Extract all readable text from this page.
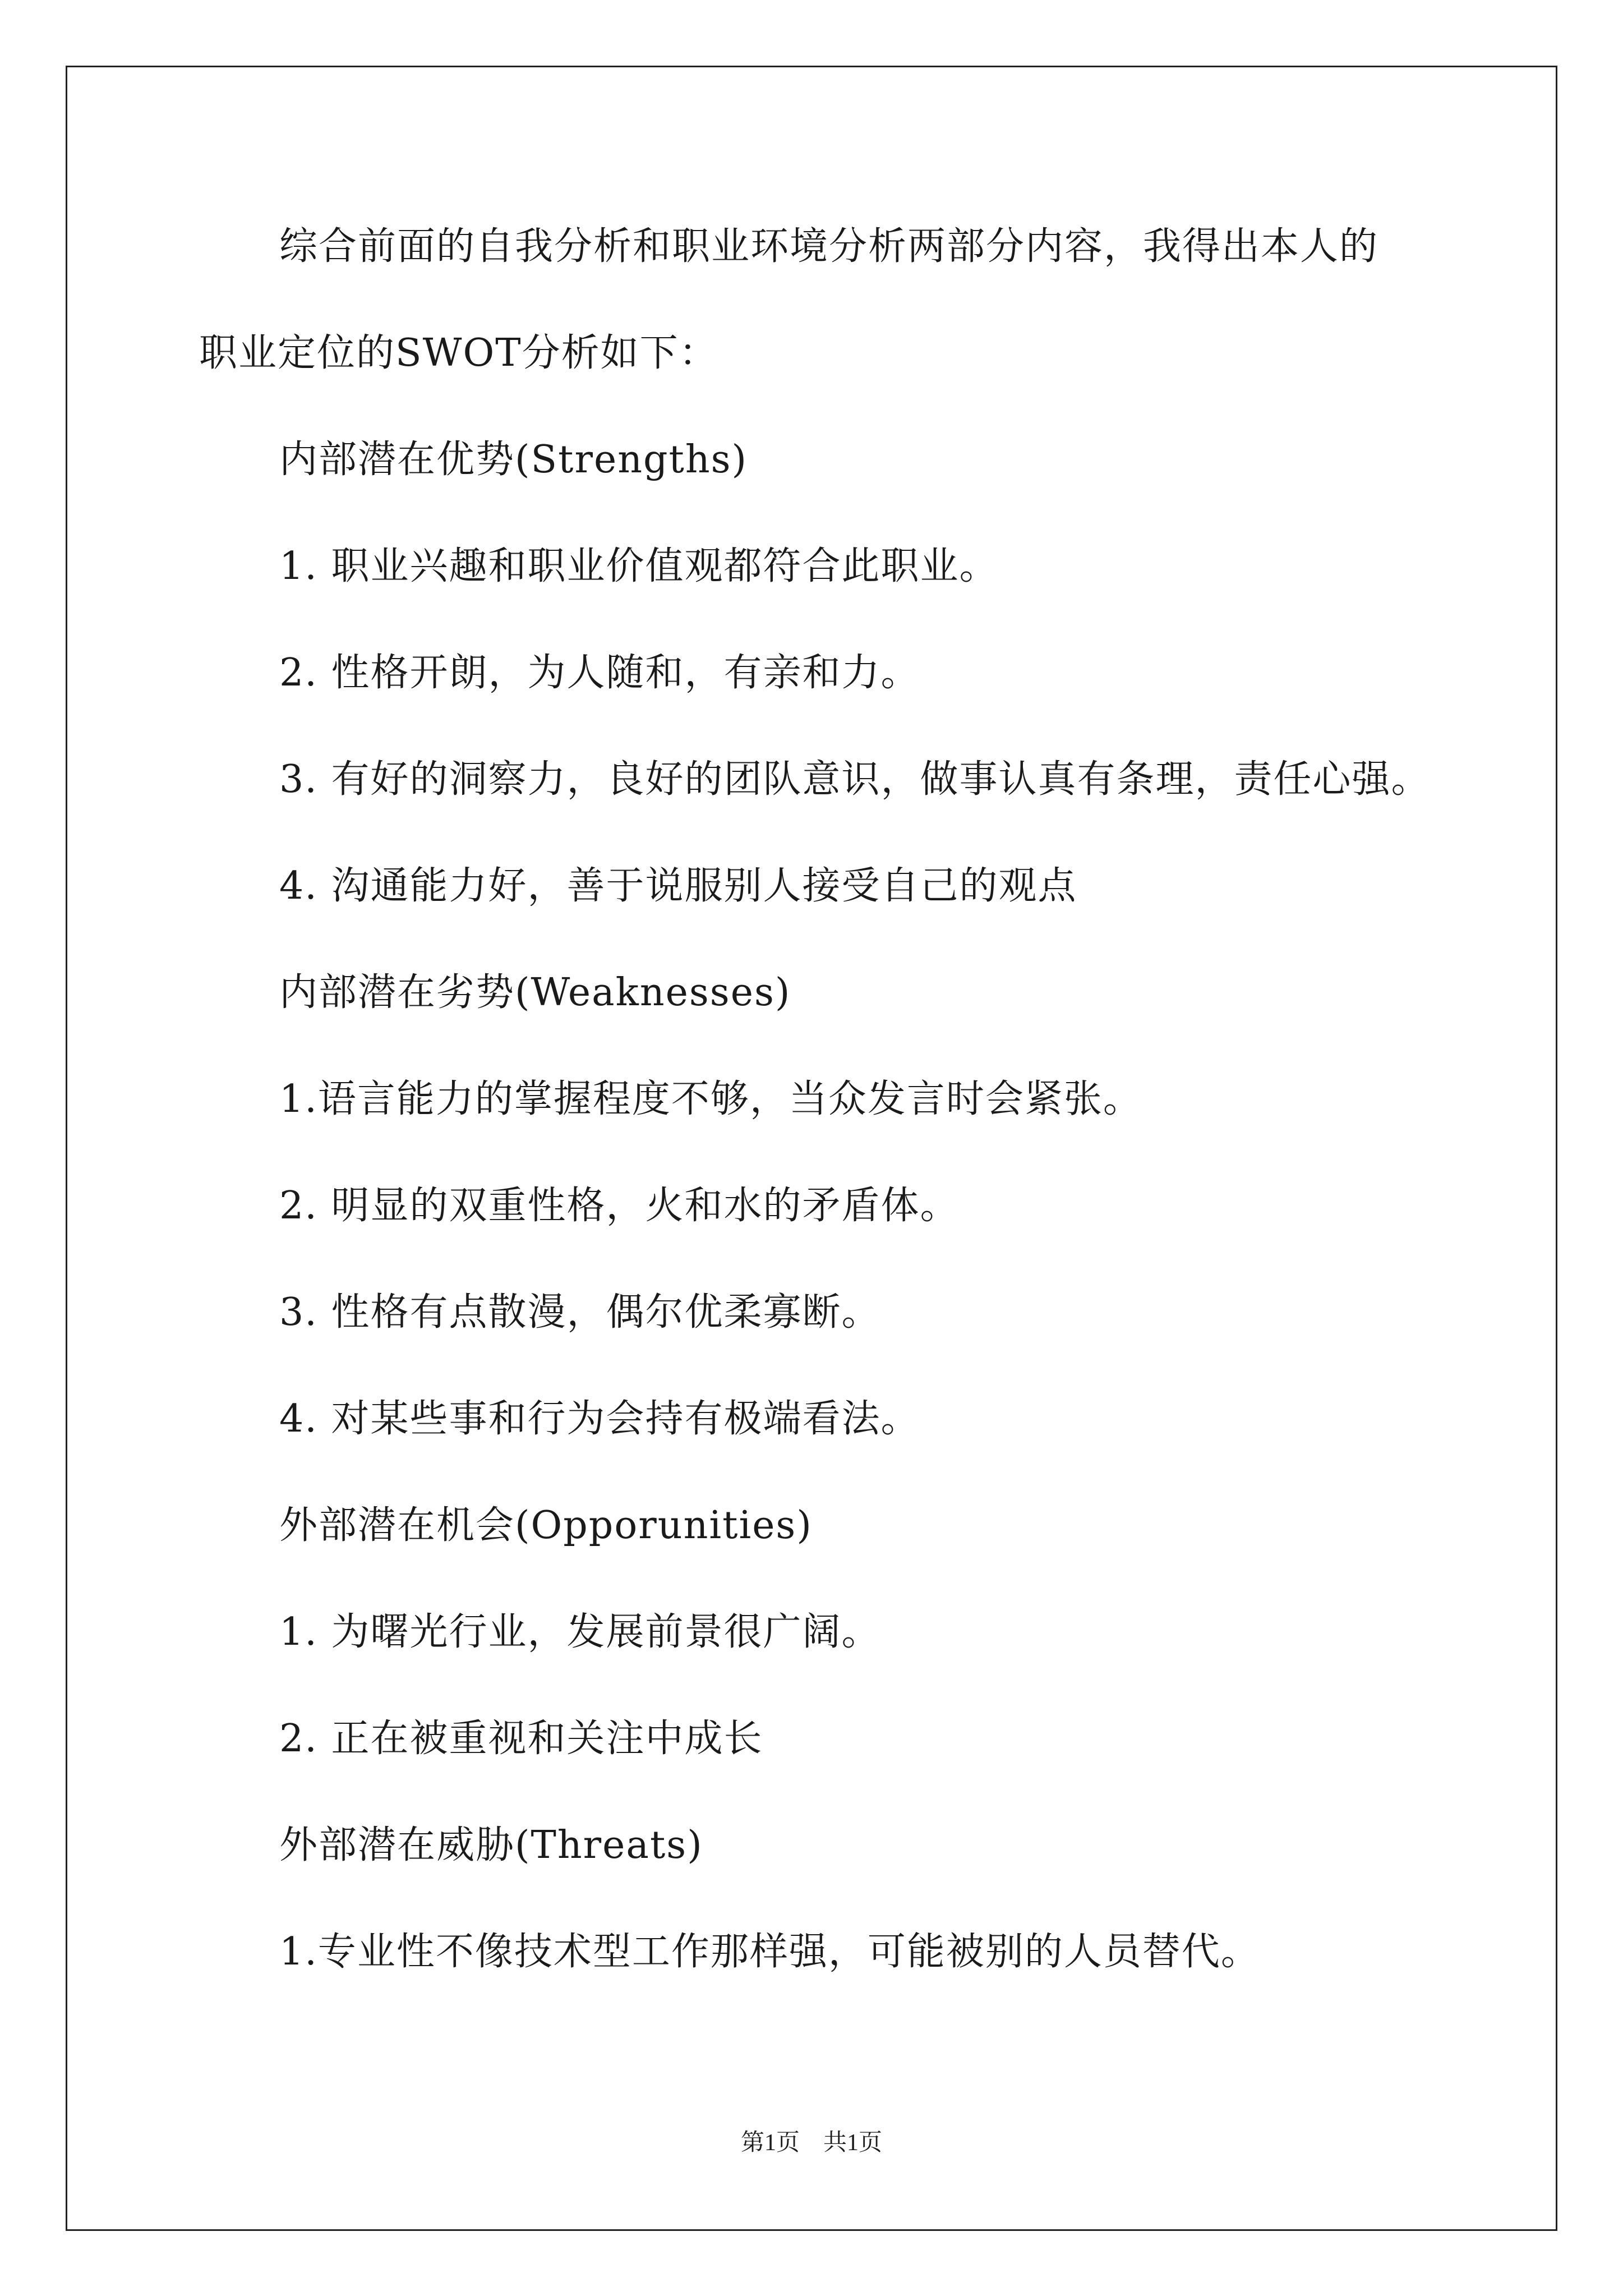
综合前面的自我分析和职业环境分析两部分内容，我得出本人的
职业定位的SWOT分析如下：
内部潜在优势(Strengths)
1. 职业兴趣和职业价值观都符合此职业。
2. 性格开朗，为人随和，有亲和力。
3. 有好的洞察力，良好的团队意识，做事认真有条理，责任心强。
4. 沟通能力好，善于说服别人接受自己的观点
内部潜在劣势(Weaknesses)
1.语言能力的掌握程度不够，当众发言时会紧张。
2. 明显的双重性格，火和水的矛盾体。
3. 性格有点散漫，偶尔优柔寡断。
4. 对某些事和行为会持有极端看法。
外部潜在机会(Opporunities)
1. 为曙光行业，发展前景很广阔。
2. 正在被重视和关注中成长
外部潜在威胁(Threats)
1.专业性不像技术型工作那样强，可能被别的人员替代。
第1页　共1页
